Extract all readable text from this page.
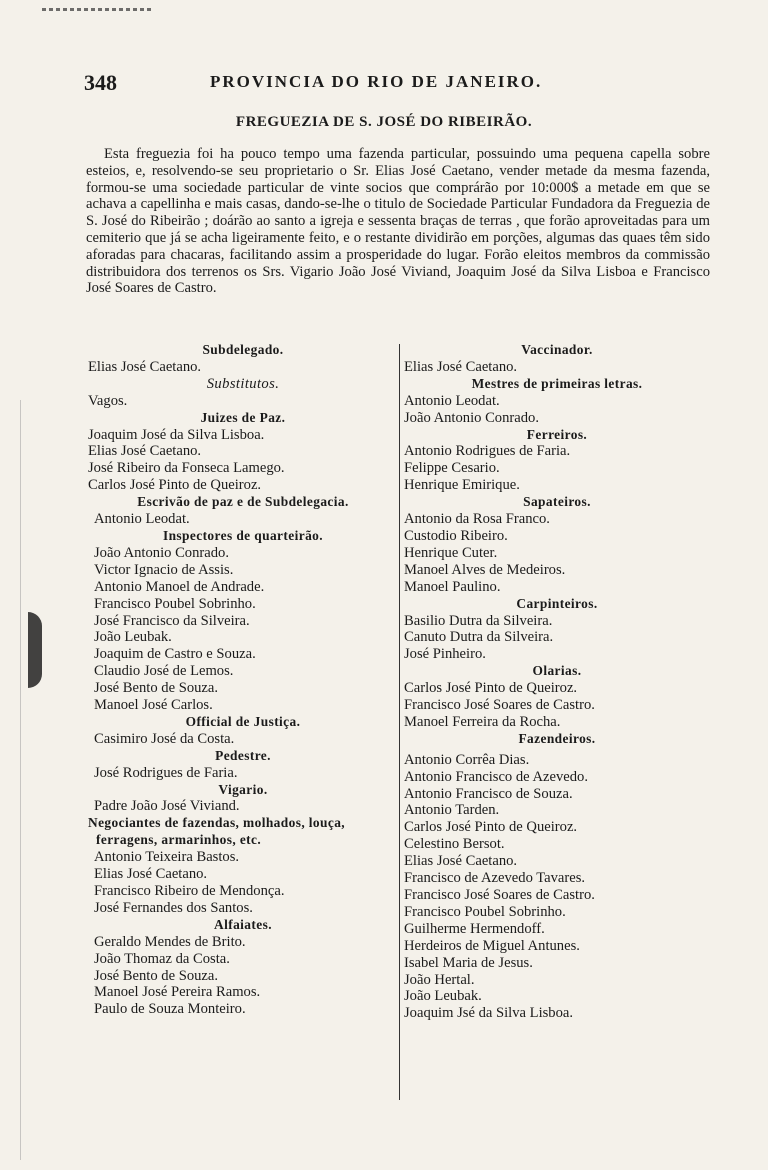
348	PROVINCIA DO RIO DE JANEIRO.
FREGUEZIA DE S. JOSÉ DO RIBEIRÃO.

Esta freguezia foi ha pouco tempo uma fazenda particular, possuindo uma pequena capella sobre esteios, e, resolvendo-se seu proprietario o Sr. Elias José Caetano, vender metade da mesma fazenda, formou-se uma sociedade particular de vinte socios que comprárão por 10:000$ a metade em que se achava a capellinha e mais casas, dando-se-lhe o titulo de Sociedade Particular Fundadora da Freguezia de S. José do Ribeirão ; doárão ao santo a igreja e sessenta braças de terras , que forão aproveitadas para um cemiterio que já se acha ligeiramente feito, e o restante dividirão em porções, algumas das quaes têm sido aforadas para chacaras, facilitando assim a prosperidade do lugar. Forão eleitos membros da commissão distribuidora dos terrenos os Srs. Vigario João José Viviand, Joaquim José da Silva Lisboa e Francisco José Soares de Castro.

Subdelegado.
Elias José Caetano.
Substitutos.
Vagos.
Juizes de Paz.
Joaquim José da Silva Lisboa.
Elias José Caetano.
José Ribeiro da Fonseca Lamego.
Carlos José Pinto de Queiroz.
Escrivão de paz e de Subdelegacia.
Antonio Leodat.
Inspectores de quarteirão.
João Antonio Conrado.
Victor Ignacio de Assis.
Antonio Manoel de Andrade.
Francisco Poubel Sobrinho.
José Francisco da Silveira.
João Leubak.
Joaquim de Castro e Souza.
Claudio José de Lemos.
José Bento de Souza.
Manoel José Carlos.
Official de Justiça.
Casimiro José da Costa.
Pedestre.
José Rodrigues de Faria.
Vigario.
Padre João José Viviand.
Negociantes de fazendas, molhados, louça, ferragens, armarinhos, etc.
Antonio Teixeira Bastos.
Elias José Caetano.
Francisco Ribeiro de Mendonça.
José Fernandes dos Santos.
Alfaiates.
Geraldo Mendes de Brito.
João Thomaz da Costa.
José Bento de Souza.
Manoel José Pereira Ramos.
Paulo de Souza Monteiro.
Vaccinador.
Elias José Caetano.
Mestres de primeiras letras.
Antonio Leodat.
João Antonio Conrado.
Ferreiros.
Antonio Rodrigues de Faria.
Felippe Cesario.
Henrique Emirique.
Sapateiros.
Antonio da Rosa Franco.
Custodio Ribeiro.
Henrique Cuter.
Manoel Alves de Medeiros.
Manoel Paulino.
Carpinteiros.
Basilio Dutra da Silveira.
Canuto Dutra da Silveira.
José Pinheiro.
Olarias.
Carlos José Pinto de Queiroz.
Francisco José Soares de Castro.
Manoel Ferreira da Rocha.
Fazendeiros.
Antonio Corrêa Dias.
Antonio Francisco de Azevedo.
Antonio Francisco de Souza.
Antonio Tarden.
Carlos José Pinto de Queiroz.
Celestino Bersot.
Elias José Caetano.
Francisco de Azevedo Tavares.
Francisco José Soares de Castro.
Francisco Poubel Sobrinho.
Guilherme Hermendoff.
Herdeiros de Miguel Antunes.
Isabel Maria de Jesus.
João Hertal.
João Leubak.
Joaquim Jsé da Silva Lisboa.
